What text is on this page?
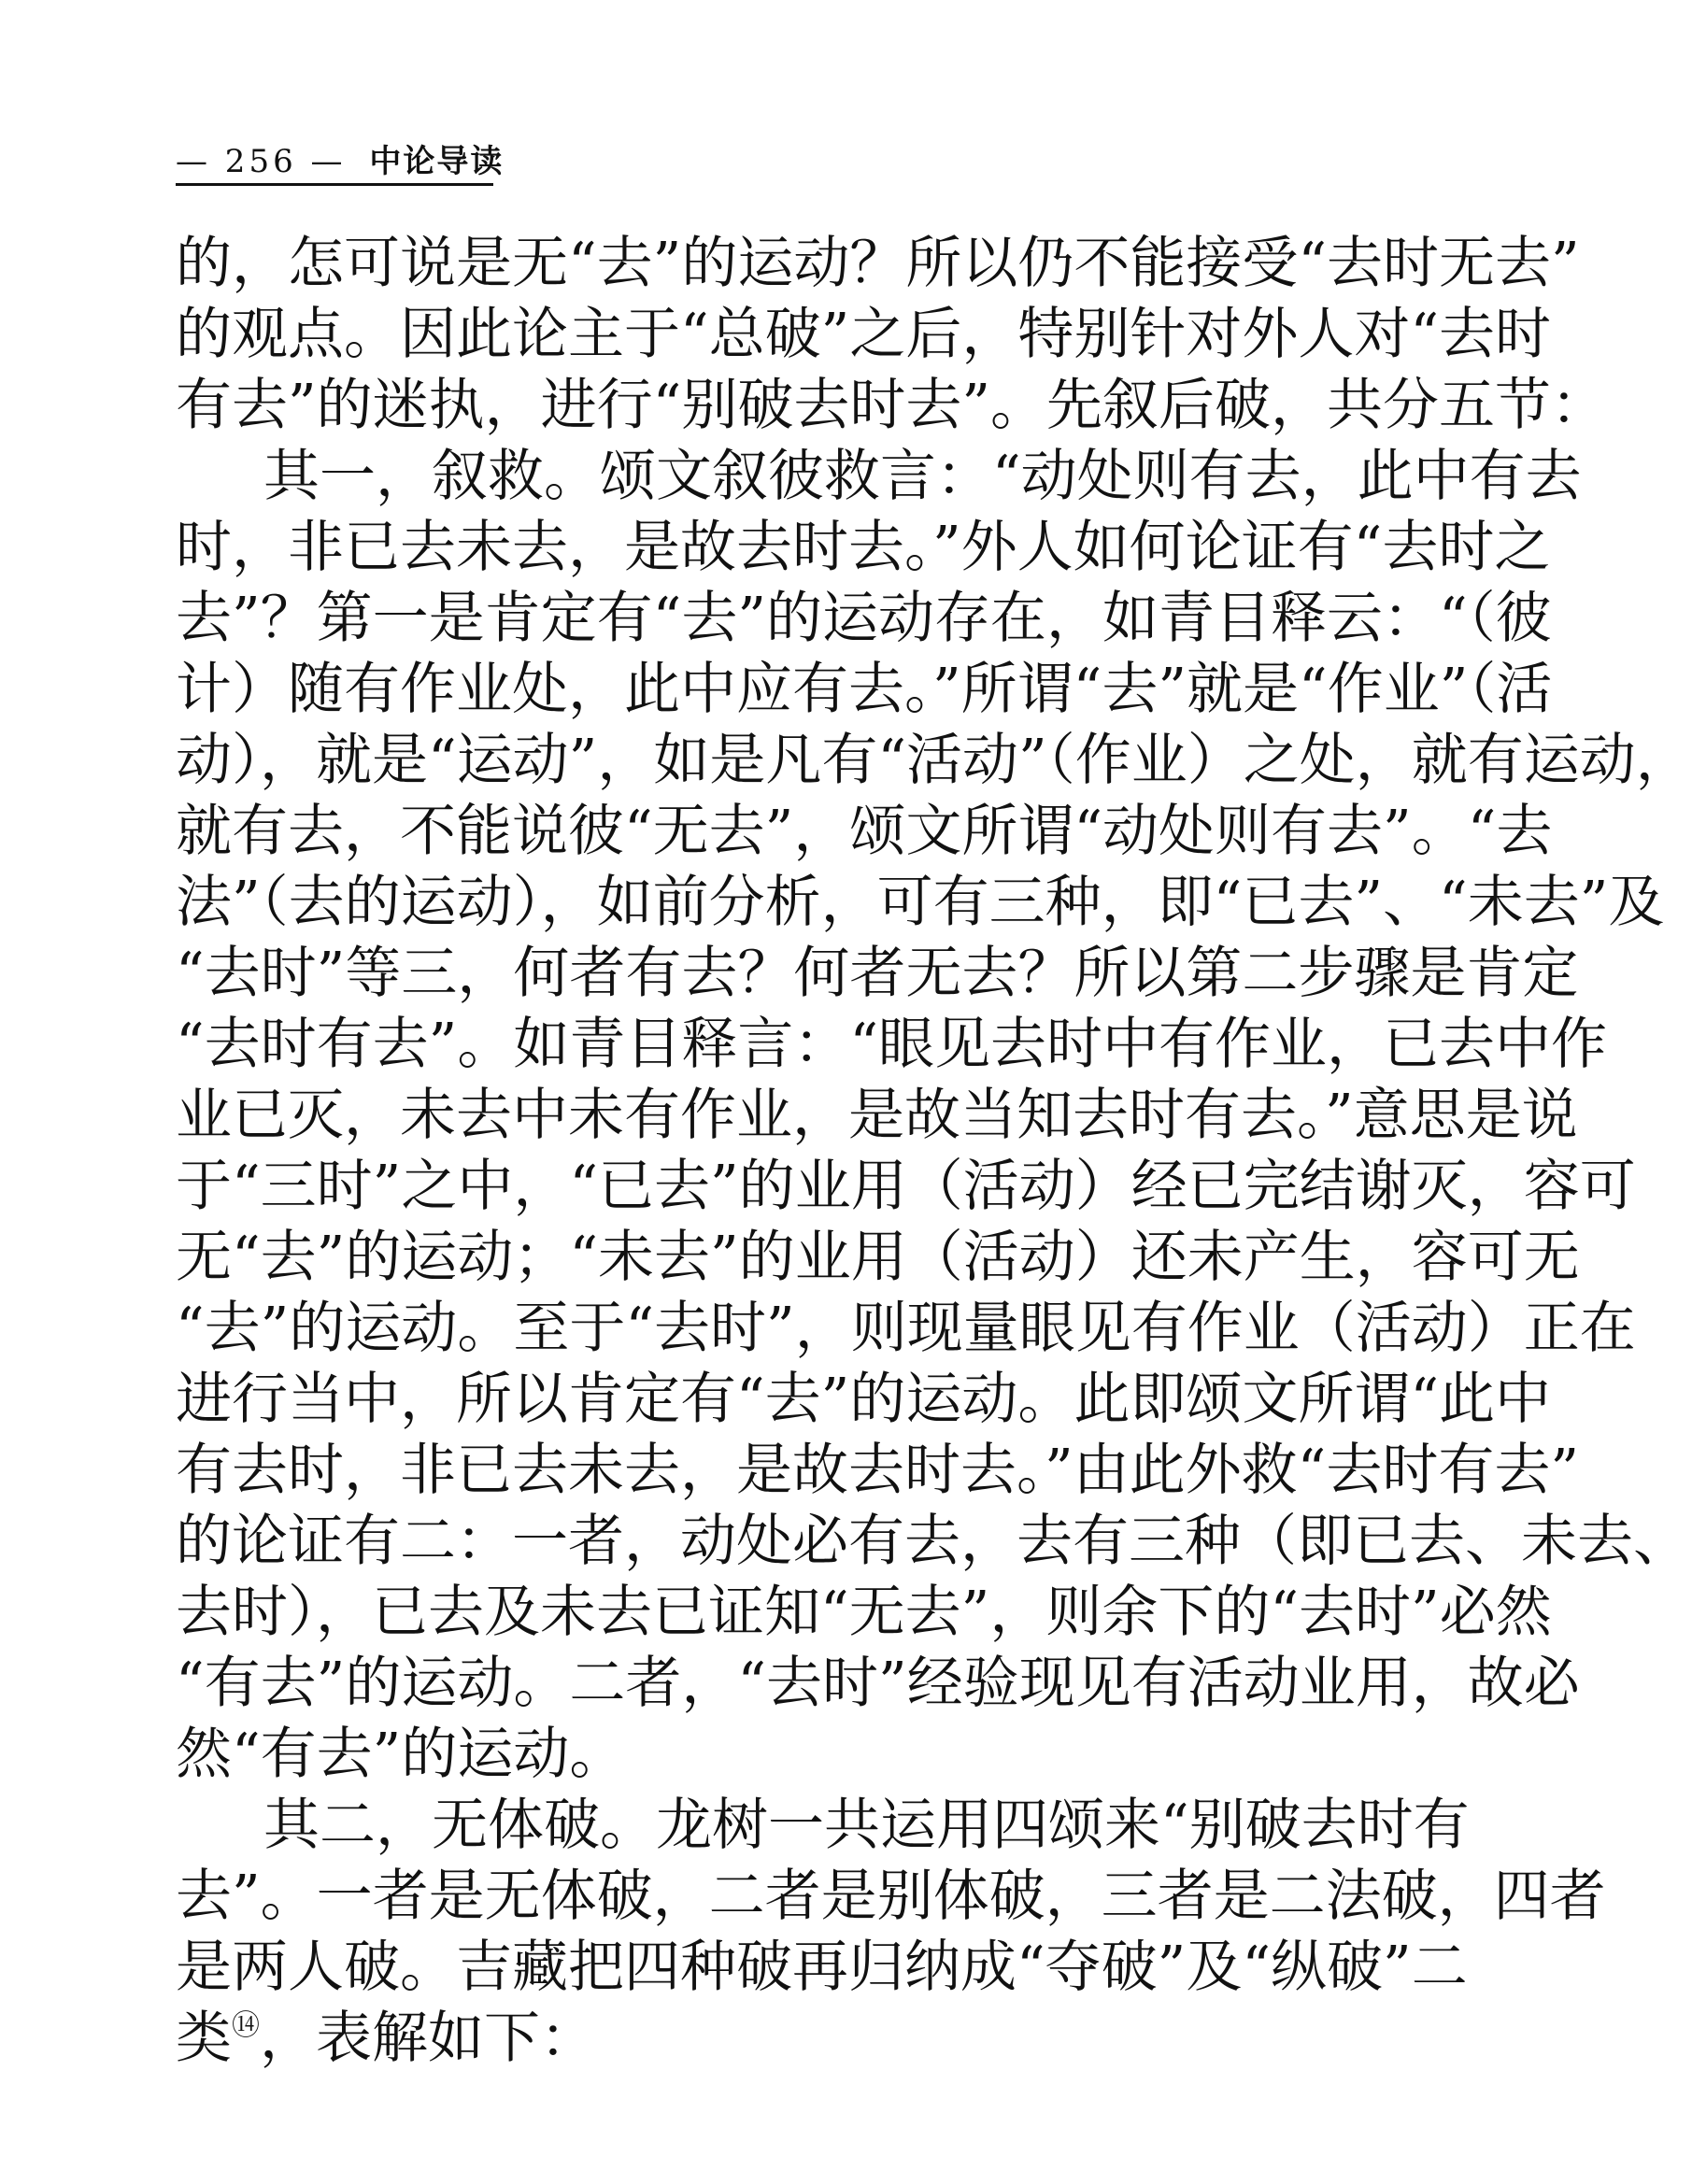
— 256 — 中论导读
的，怎可说是无“去”的运动？所以仍不能接受“去时无去”
的观点。因此论主于“总破”之后，特别针对外人对“去时
有去”的迷执，进行“别破去时去”。先叙后破，共分五节：
其一，叙救。颂文叙彼救言：“动处则有去，此中有去
时，非已去未去，是故去时去。”外人如何论证有“去时之
去”？第一是肯定有“去”的运动存在，如青目释云：“（彼
计）随有作业处，此中应有去。”所谓“去”就是“作业”（活
动），就是“运动”，如是凡有“活动”（作业）之处，就有运动，
就有去，不能说彼“无去”，颂文所谓“动处则有去”。“去
法”（去的运动），如前分析，可有三种，即“已去”、“未去”及
“去时”等三，何者有去？何者无去？所以第二步骤是肯定
“去时有去”。如青目释言：“眼见去时中有作业，已去中作
业已灭，未去中未有作业，是故当知去时有去。”意思是说
于“三时”之中，“已去”的业用（活动）经已完结谢灭，容可
无“去”的运动；“未去”的业用（活动）还未产生，容可无
“去”的运动。至于“去时”，则现量眼见有作业（活动）正在
进行当中，所以肯定有“去”的运动。此即颂文所谓“此中
有去时，非已去未去，是故去时去。”由此外救“去时有去”
的论证有二：一者，动处必有去，去有三种（即已去、未去、
去时），已去及未去已证知“无去”，则余下的“去时”必然
“有去”的运动。二者，“去时”经验现见有活动业用，故必
然“有去”的运动。
其二，无体破。龙树一共运用四颂来“别破去时有
去”。一者是无体破，二者是别体破，三者是二法破，四者
是两人破。吉藏把四种破再归纳成“夺破”及“纵破”二
类⑭，表解如下：
